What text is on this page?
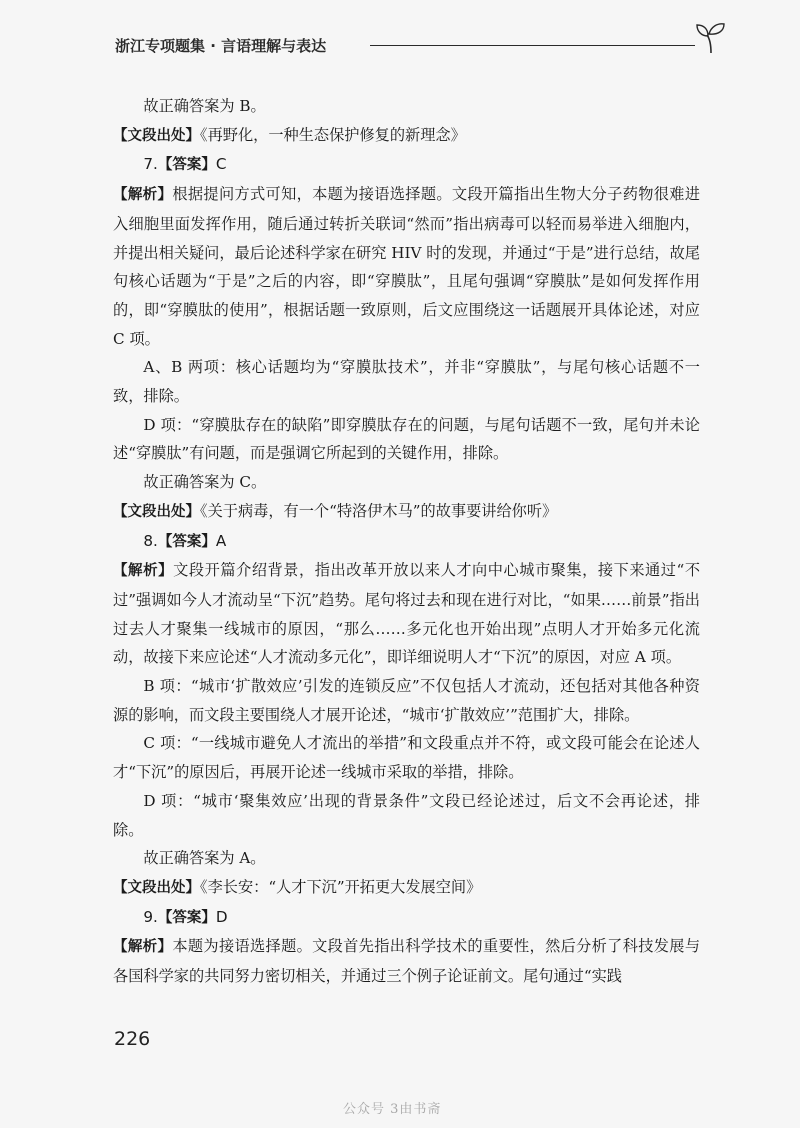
浙江专项题集 · 言语理解与表达

故正确答案为 B。

【文段出处】《再野化，一种生态保护修复的新理念》

7.【答案】C

【解析】根据提问方式可知，本题为接语选择题。文段开篇指出生物大分子药物很难进入细胞里面发挥作用，随后通过转折关联词“然而”指出病毒可以轻而易举进入细胞内，并提出相关疑问，最后论述科学家在研究 HIV 时的发现，并通过“于是”进行总结，故尾句核心话题为“于是”之后的内容，即“穿膜肽”，且尾句强调“穿膜肽”是如何发挥作用的，即“穿膜肽的使用”，根据话题一致原则，后文应围绕这一话题展开具体论述，对应 C 项。

A、B 两项：核心话题均为“穿膜肽技术”，并非“穿膜肽”，与尾句核心话题不一致，排除。

D 项：“穿膜肽存在的缺陷”即穿膜肽存在的问题，与尾句话题不一致，尾句并未论述“穿膜肽”有问题，而是强调它所起到的关键作用，排除。

故正确答案为 C。

【文段出处】《关于病毒，有一个“特洛伊木马”的故事要讲给你听》

8.【答案】A

【解析】文段开篇介绍背景，指出改革开放以来人才向中心城市聚集，接下来通过“不过”强调如今人才流动呈“下沉”趋势。尾句将过去和现在进行对比，“如果……前景”指出过去人才聚集一线城市的原因，“那么……多元化也开始出现”点明人才开始多元化流动，故接下来应论述“人才流动多元化”，即详细说明人才“下沉”的原因，对应 A 项。

B 项：“城市‘扩散效应’引发的连锁反应”不仅包括人才流动，还包括对其他各种资源的影响，而文段主要围绕人才展开论述，“城市‘扩散效应’”范围扩大，排除。

C 项：“一线城市避免人才流出的举措”和文段重点并不符，或文段可能会在论述人才“下沉”的原因后，再展开论述一线城市采取的举措，排除。

D 项：“城市‘聚集效应’出现的背景条件”文段已经论述过，后文不会再论述，排除。

故正确答案为 A。

【文段出处】《李长安：“人才下沉”开拓更大发展空间》

9.【答案】D

【解析】本题为接语选择题。文段首先指出科学技术的重要性，然后分析了科技发展与各国科学家的共同努力密切相关，并通过三个例子论证前文。尾句通过“实践

226
公众号 3由书斋
